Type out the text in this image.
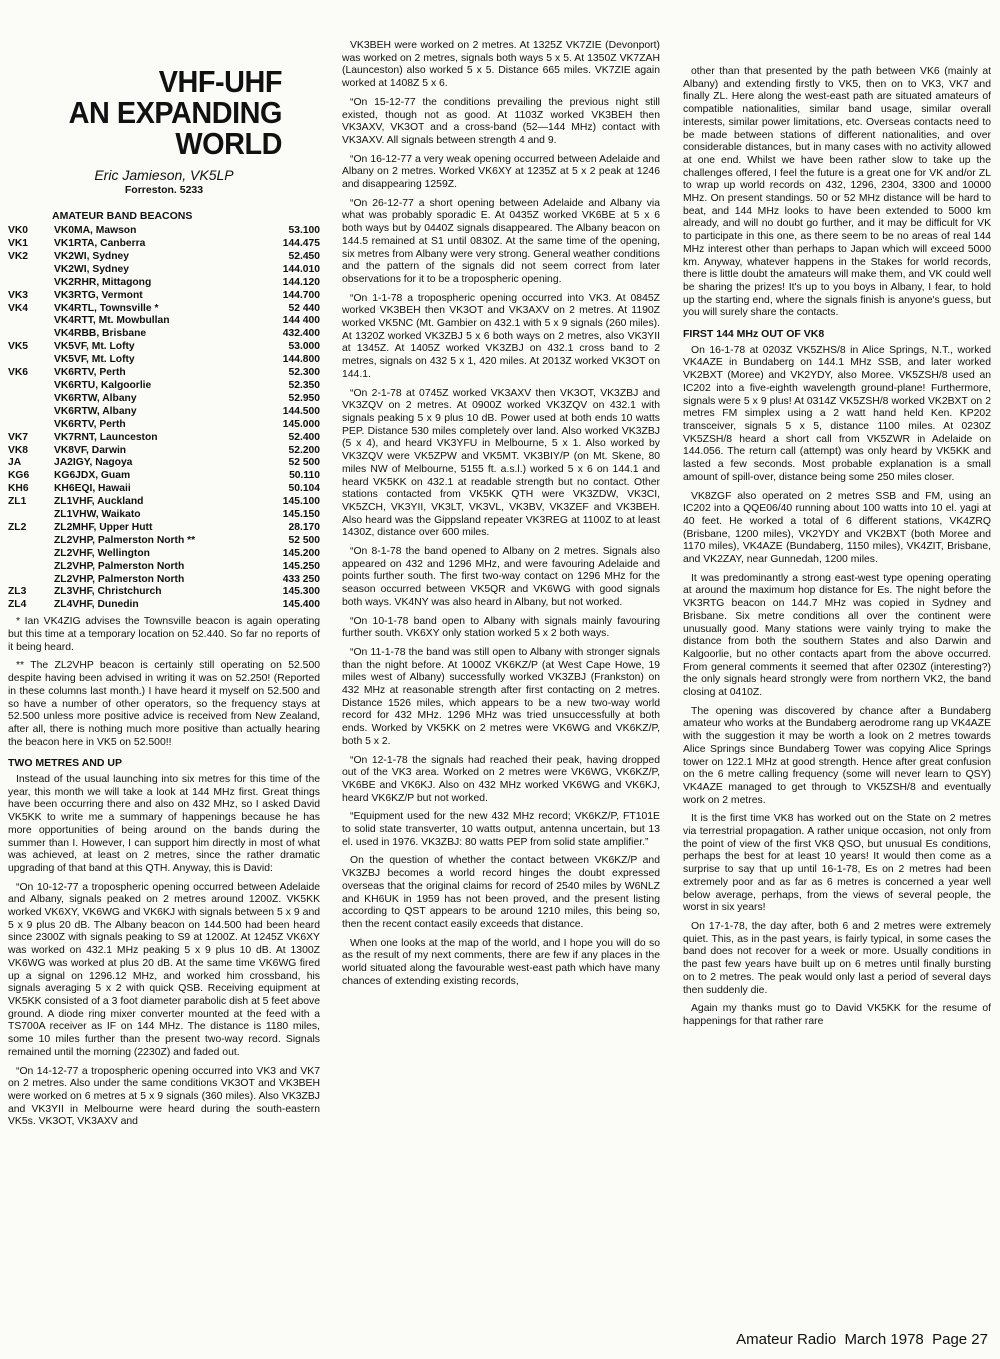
VHF-UHF
AN EXPANDING
WORLD
Eric Jamieson, VK5LP
Forreston. 5233
AMATEUR BAND BEACONS
VK0	VK0MA, Mawson	53.100
VK1	VK1RTA, Canberra	144.475
VK2	VK2WI, Sydney	52.450
	VK2WI, Sydney	144.010
	VK2RHR, Mittagong	144.120
VK3	VK3RTG, Vermont	144.700
VK4	VK4RTL, Townsville *	52 440
	VK4RTT, Mt. Mowbullan	144 400
	VK4RBB, Brisbane	432.400
VK5	VK5VF, Mt. Lofty	53.000
	VK5VF, Mt. Lofty	144.800
VK6	VK6RTV, Perth	52.300
	VK6RTU, Kalgoorlie	52.350
	VK6RTW, Albany	52.950
	VK6RTW, Albany	144.500
	VK6RTV, Perth	145.000
VK7	VK7RNT, Launceston	52.400
VK8	VK8VF, Darwin	52.200
JA	JA2IGY, Nagoya	52 500
KG6	KG6JDX, Guam	50.110
KH6	KH6EQI, Hawaii	50.104
ZL1	ZL1VHF, Auckland	145.100
	ZL1VHW, Waikato	145.150
ZL2	ZL2MHF, Upper Hutt	28.170
	ZL2VHP, Palmerston North **	52 500
	ZL2VHF, Wellington	145.200
	ZL2VHP, Palmerston North	145.250
	ZL2VHP, Palmerston North	433 250
ZL3	ZL3VHF, Christchurch	145.300
ZL4	ZL4VHF, Dunedin	145.400

* Ian VK4ZIG advises the Townsville beacon is again operating but this time at a temporary location on 52.440. So far no reports of it being heard.

** The ZL2VHP beacon is certainly still operating on 52.500 despite having been advised in writing it was on 52.250! (Reported in these columns last month.) I have heard it myself on 52.500 and so have a number of other operators, so the frequency stays at 52.500 unless more positive advice is received from New Zealand, after all, there is nothing much more positive than actually hearing the beacon here in VK5 on 52.500!!

TWO METRES AND UP

Instead of the usual launching into six metres for this time of the year, this month we will take a look at 144 MHz first. Great things have been occurring there and also on 432 MHz, so I asked David VK5KK to write me a summary of happenings because he has more opportunities of being around on the bands during the summer than I. However, I can support him directly in most of what was achieved, at least on 2 metres, since the rather dramatic upgrading of that band at this QTH. Anyway, this is David:

“On 10-12-77 a tropospheric opening occurred between Adelaide and Albany, signals peaked on 2 metres around 1200Z. VK5KK worked VK6XY, VK6WG and VK6KJ with signals between 5 x 9 and 5 x 9 plus 20 dB. The Albany beacon on 144.500 had been heard since 2300Z with signals peaking to S9 at 1200Z. At 1245Z VK6XY was worked on 432.1 MHz peaking 5 x 9 plus 10 dB. At 1300Z VK6WG was worked at plus 20 dB. At the same time VK6WG fired up a signal on 1296.12 MHz, and worked him crossband, his signals averaging 5 x 2 with quick QSB. Receiving equipment at VK5KK consisted of a 3 foot diameter parabolic dish at 5 feet above ground. A diode ring mixer converter mounted at the feed with a TS700A receiver as IF on 144 MHz. The distance is 1180 miles, some 10 miles further than the present two-way record. Signals remained until the morning (2230Z) and faded out.

“On 14-12-77 a tropospheric opening occurred into VK3 and VK7 on 2 metres. Also under the same conditions VK3OT and VK3BEH were worked on 6 metres at 5 x 9 signals (360 miles). Also VK3ZBJ and VK3YII in Melbourne were heard during the south-eastern VK5s. VK3OT, VK3AXV and

VK3BEH were worked on 2 metres. At 1325Z VK7ZIE (Devonport) was worked on 2 metres, signals both ways 5 x 5. At 1350Z VK7ZAH (Launceston) also worked 5 x 5. Distance 665 miles. VK7ZIE again worked at 1408Z 5 x 6.

“On 15-12-77 the conditions prevailing the previous night still existed, though not as good. At 1103Z worked VK3BEH then VK3AXV, VK3OT and a cross-band (52—144 MHz) contact with VK3AXV. All signals between strength 4 and 9.

“On 16-12-77 a very weak opening occurred between Adelaide and Albany on 2 metres. Worked VK6XY at 1235Z at 5 x 2 peak at 1246 and disappearing 1259Z.

“On 26-12-77 a short opening between Adelaide and Albany via what was probably sporadic E. At 0435Z worked VK6BE at 5 x 6 both ways but by 0440Z signals disappeared. The Albany beacon on 144.5 remained at S1 until 0830Z. At the same time of the opening, six metres from Albany were very strong. General weather conditions and the pattern of the signals did not seem correct from later observations for it to be a tropospheric opening.

“On 1-1-78 a tropospheric opening occurred into VK3. At 0845Z worked VK3BEH then VK3OT and VK3AXV on 2 metres. At 1190Z worked VK5NC (Mt. Gambier on 432.1 with 5 x 9 signals (260 miles). At 1320Z worked VK3ZBJ 5 x 6 both ways on 2 metres, also VK3YII at 1345Z. At 1405Z worked VK3ZBJ on 432.1 cross band to 2 metres, signals on 432 5 x 1, 420 miles. At 2013Z worked VK3OT on 144.1.

“On 2-1-78 at 0745Z worked VK3AXV then VK3OT, VK3ZBJ and VK3ZQV on 2 metres. At 0900Z worked VK3ZQV on 432.1 with signals peaking 5 x 9 plus 10 dB. Power used at both ends 10 watts PEP. Distance 530 miles completely over land. Also worked VK3ZBJ (5 x 4), and heard VK3YFU in Melbourne, 5 x 1. Also worked by VK3ZQV were VK5ZPW and VK5MT. VK3BIY/P (on Mt. Skene, 80 miles NW of Melbourne, 5155 ft. a.s.l.) worked 5 x 6 on 144.1 and heard VK5KK on 432.1 at readable strength but no contact. Other stations contacted from VK5KK QTH were VK3ZDW, VK3CI, VK5ZCH, VK3YII, VK3LT, VK3VL, VK3BV, VK3ZEF and VK3BEH. Also heard was the Gippsland repeater VK3REG at 1100Z to at least 1430Z, distance over 600 miles.

“On 8-1-78 the band opened to Albany on 2 metres. Signals also appeared on 432 and 1296 MHz, and were favouring Adelaide and points further south. The first two-way contact on 1296 MHz for the season occurred between VK5QR and VK6WG with good signals both ways. VK4NY was also heard in Albany, but not worked.

“On 10-1-78 band open to Albany with signals mainly favouring further south. VK6XY only station worked 5 x 2 both ways.

“On 11-1-78 the band was still open to Albany with stronger signals than the night before. At 1000Z VK6KZ/P (at West Cape Howe, 19 miles west of Albany) successfully worked VK3ZBJ (Frankston) on 432 MHz at reasonable strength after first contacting on 2 metres. Distance 1526 miles, which appears to be a new two-way world record for 432 MHz. 1296 MHz was tried unsuccessfully at both ends. Worked by VK5KK on 2 metres were VK6WG and VK6KZ/P, both 5 x 2.

“On 12-1-78 the signals had reached their peak, having dropped out of the VK3 area. Worked on 2 metres were VK6WG, VK6KZ/P, VK6BE and VK6KJ. Also on 432 MHz worked VK6WG and VK6KJ, heard VK6KZ/P but not worked.

“Equipment used for the new 432 MHz record; VK6KZ/P, FT101E to solid state transverter, 10 watts output, antenna uncertain, but 13 el. used in 1976. VK3ZBJ: 80 watts PEP from solid state amplifier.”

On the question of whether the contact between VK6KZ/P and VK3ZBJ becomes a world record hinges the doubt expressed overseas that the original claims for record of 2540 miles by W6NLZ and KH6UK in 1959 has not been proved, and the present listing according to QST appears to be around 1210 miles, this being so, then the recent contact easily exceeds that distance.

When one looks at the map of the world, and I hope you will do so as the result of my next comments, there are few if any places in the world situated along the favourable west-east path which have many chances of extending existing records,

other than that presented by the path between VK6 (mainly at Albany) and extending firstly to VK5, then on to VK3, VK7 and finally ZL. Here along the west-east path are situated amateurs of compatible nationalities, similar band usage, similar overall interests, similar power limitations, etc. Overseas contacts need to be made between stations of different nationalities, and over considerable distances, but in many cases with no activity allowed at one end. Whilst we have been rather slow to take up the challenges offered, I feel the future is a great one for VK and/or ZL to wrap up world records on 432, 1296, 2304, 3300 and 10000 MHz. On present standings. 50 or 52 MHz distance will be hard to beat, and 144 MHz looks to have been extended to 5000 km already, and will no doubt go further, and it may be difficult for VK to participate in this one, as there seem to be no areas of real 144 MHz interest other than perhaps to Japan which will exceed 5000 km. Anyway, whatever happens in the Stakes for world records, there is little doubt the amateurs will make them, and VK could well be sharing the prizes! It's up to you boys in Albany, I fear, to hold up the starting end, where the signals finish is anyone's guess, but you will surely share the contacts.

FIRST 144 MHz OUT OF VK8

On 16-1-78 at 0203Z VK5ZHS/8 in Alice Springs, N.T., worked VK4AZE in Bundaberg on 144.1 MHz SSB, and later worked VK2BXT (Moree) and VK2YDY, also Moree. VK5ZSH/8 used an IC202 into a five-eighth wavelength ground-plane! Furthermore, signals were 5 x 9 plus! At 0314Z VK5ZSH/8 worked VK2BXT on 2 metres FM simplex using a 2 watt hand held Ken. KP202 transceiver, signals 5 x 5, distance 1100 miles. At 0230Z VK5ZSH/8 heard a short call from VK5ZWR in Adelaide on 144.056. The return call (attempt) was only heard by VK5KK and lasted a few seconds. Most probable explanation is a small amount of spill-over, distance being some 250 miles closer.

VK8ZGF also operated on 2 metres SSB and FM, using an IC202 into a QQE06/40 running about 100 watts into 10 el. yagi at 40 feet. He worked a total of 6 different stations, VK4ZRQ (Brisbane, 1200 miles), VK2YDY and VK2BXT (both Moree and 1170 miles), VK4AZE (Bundaberg, 1150 miles), VK4ZIT, Brisbane, and VK2ZAY, near Gunnedah, 1200 miles.

It was predominantly a strong east-west type opening operating at around the maximum hop distance for Es. The night before the VK3RTG beacon on 144.7 MHz was copied in Sydney and Brisbane. Six metre conditions all over the continent were unusually good. Many stations were vainly trying to make the distance from both the southern States and also Darwin and Kalgoorlie, but no other contacts apart from the above occurred. From general comments it seemed that after 0230Z (interesting?) the only signals heard strongly were from northern VK2, the band closing at 0410Z.

The opening was discovered by chance after a Bundaberg amateur who works at the Bundaberg aerodrome rang up VK4AZE with the suggestion it may be worth a look on 2 metres towards Alice Springs since Bundaberg Tower was copying Alice Springs tower on 122.1 MHz at good strength. Hence after great confusion on the 6 metre calling frequency (some will never learn to QSY) VK4AZE managed to get through to VK5ZSH/8 and eventually work on 2 metres.

It is the first time VK8 has worked out on the State on 2 metres via terrestrial propagation. A rather unique occasion, not only from the point of view of the first VK8 QSO, but unusual Es conditions, perhaps the best for at least 10 years! It would then come as a surprise to say that up until 16-1-78, Es on 2 metres had been extremely poor and as far as 6 metres is concerned a year well below average, perhaps, from the views of several people, the worst in six years!

On 17-1-78, the day after, both 6 and 2 metres were extremely quiet. This, as in the past years, is fairly typical, in some cases the band does not recover for a week or more. Usually conditions in the past few years have built up on 6 metres until finally bursting on to 2 metres. The peak would only last a period of several days then suddenly die.

Again my thanks must go to David VK5KK for the resume of happenings for that rather rare

Amateur Radio March 1978 Page 27
